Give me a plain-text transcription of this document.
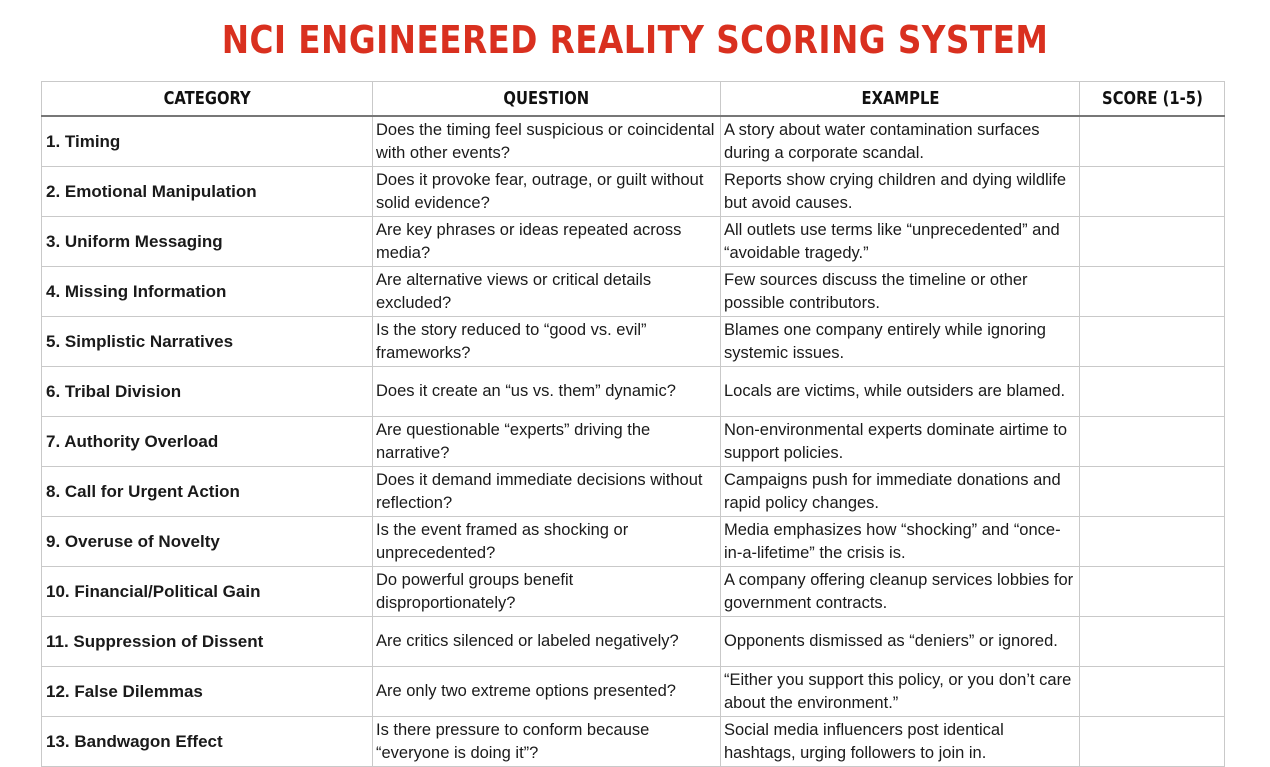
NCI ENGINEERED REALITY SCORING SYSTEM
CATEGORY	QUESTION	EXAMPLE	SCORE (1-5)
1. Timing	Does the timing feel suspicious or coincidental with other events?	A story about water contamination surfaces during a corporate scandal.	
2. Emotional Manipulation	Does it provoke fear, outrage, or guilt without solid evidence?	Reports show crying children and dying wildlife but avoid causes.	
3. Uniform Messaging	Are key phrases or ideas repeated across media?	All outlets use terms like “unprecedented” and “avoidable tragedy.”	
4. Missing Information	Are alternative views or critical details excluded?	Few sources discuss the timeline or other possible contributors.	
5. Simplistic Narratives	Is the story reduced to “good vs. evil” frameworks?	Blames one company entirely while ignoring systemic issues.	
6. Tribal Division	Does it create an “us vs. them” dynamic?	Locals are victims, while outsiders are blamed.	
7. Authority Overload	Are questionable “experts” driving the narrative?	Non-environmental experts dominate airtime to support policies.	
8. Call for Urgent Action	Does it demand immediate decisions without reflection?	Campaigns push for immediate donations and rapid policy changes.	
9. Overuse of Novelty	Is the event framed as shocking or unprecedented?	Media emphasizes how “shocking” and “once-in-a-lifetime” the crisis is.	
10. Financial/Political Gain	Do powerful groups benefit disproportionately?	A company offering cleanup services lobbies for government contracts.	
11. Suppression of Dissent	Are critics silenced or labeled negatively?	Opponents dismissed as “deniers” or ignored.	
12. False Dilemmas	Are only two extreme options presented?	“Either you support this policy, or you don’t care about the environment.”	
13. Bandwagon Effect	Is there pressure to conform because “everyone is doing it”?	Social media influencers post identical hashtags, urging followers to join in.	
